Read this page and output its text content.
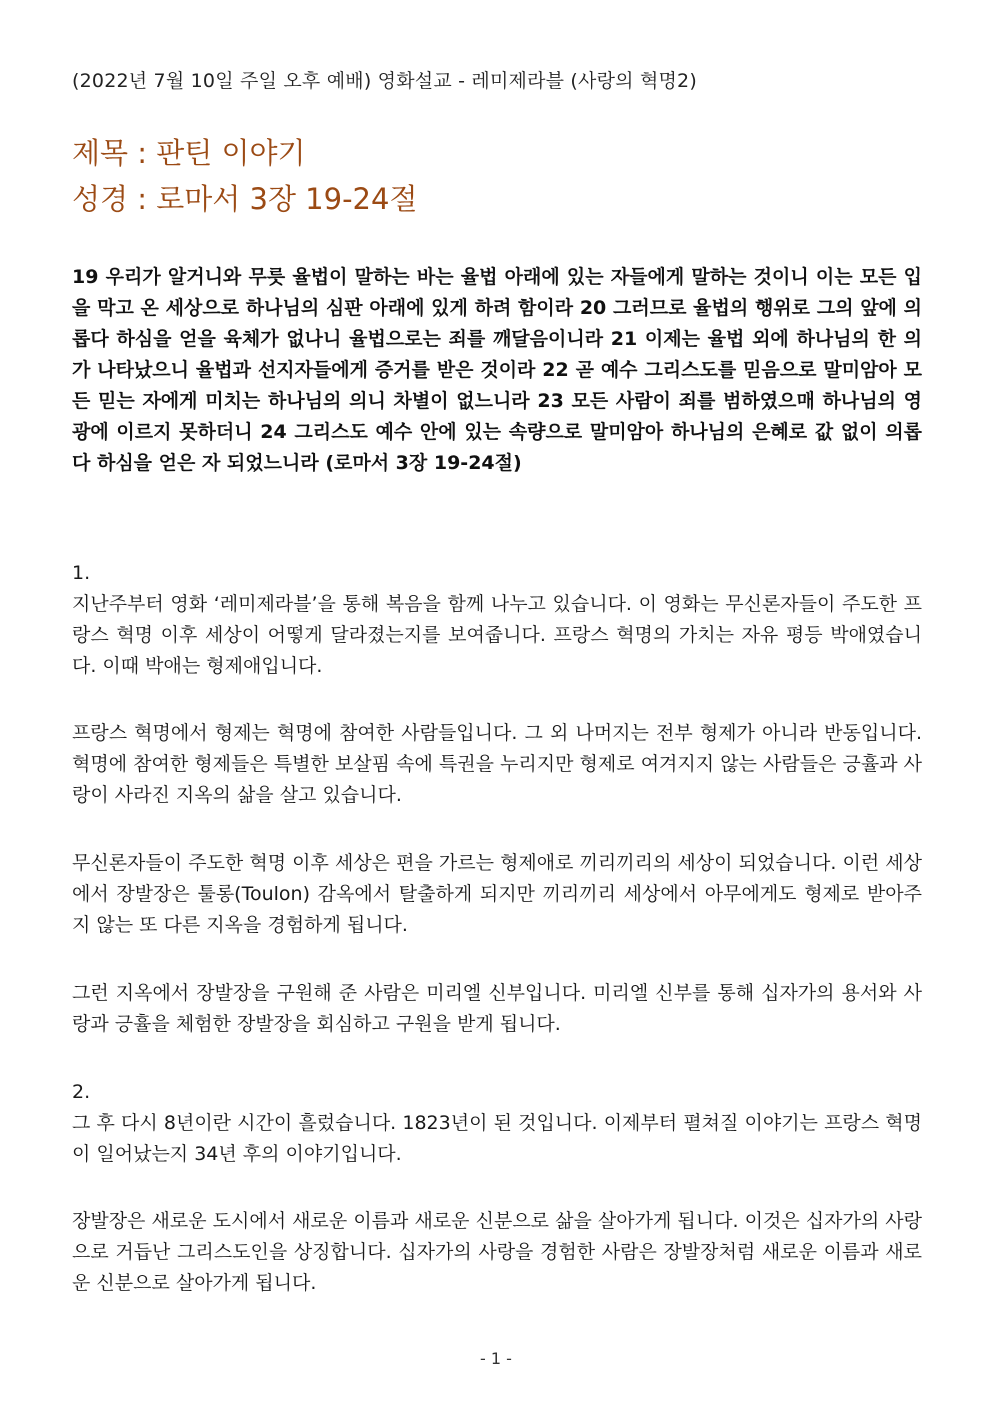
(2022년 7월 10일 주일 오후 예배) 영화설교 - 레미제라블 (사랑의 혁명2)
제목 : 판틴 이야기
성경 : 로마서 3장 19-24절
19 우리가 알거니와 무릇 율법이 말하는 바는 율법 아래에 있는 자들에게 말하는 것이니 이는 모든 입을 막고 온 세상으로 하나님의 심판 아래에 있게 하려 함이라 20 그러므로 율법의 행위로 그의 앞에 의롭다 하심을 얻을 육체가 없나니 율법으로는 죄를 깨달음이니라 21 이제는 율법 외에 하나님의 한 의가 나타났으니 율법과 선지자들에게 증거를 받은 것이라 22 곧 예수 그리스도를 믿음으로 말미암아 모든 믿는 자에게 미치는 하나님의 의니 차별이 없느니라 23 모든 사람이 죄를 범하였으매 하나님의 영광에 이르지 못하더니 24 그리스도 예수 안에 있는 속량으로 말미암아 하나님의 은혜로 값 없이 의롭다 하심을 얻은 자 되었느니라 (로마서 3장 19-24절)
1.
지난주부터 영화 ‘레미제라블’을 통해 복음을 함께 나누고 있습니다. 이 영화는 무신론자들이 주도한 프랑스 혁명 이후 세상이 어떻게 달라졌는지를 보여줍니다. 프랑스 혁명의 가치는 자유 평등 박애였습니다. 이때 박애는 형제애입니다.
프랑스 혁명에서 형제는 혁명에 참여한 사람들입니다. 그 외 나머지는 전부 형제가 아니라 반동입니다. 혁명에 참여한 형제들은 특별한 보살핌 속에 특권을 누리지만 형제로 여겨지지 않는 사람들은 긍휼과 사랑이 사라진 지옥의 삶을 살고 있습니다.
무신론자들이 주도한 혁명 이후 세상은 편을 가르는 형제애로 끼리끼리의 세상이 되었습니다. 이런 세상에서 장발장은 툴롱(Toulon) 감옥에서 탈출하게 되지만 끼리끼리 세상에서 아무에게도 형제로 받아주지 않는 또 다른 지옥을 경험하게 됩니다.
그런 지옥에서 장발장을 구원해 준 사람은 미리엘 신부입니다. 미리엘 신부를 통해 십자가의 용서와 사랑과 긍휼을 체험한 장발장을 회심하고 구원을 받게 됩니다.
2.
그 후 다시 8년이란 시간이 흘렀습니다. 1823년이 된 것입니다. 이제부터 펼쳐질 이야기는 프랑스 혁명이 일어났는지 34년 후의 이야기입니다.
장발장은 새로운 도시에서 새로운 이름과 새로운 신분으로 삶을 살아가게 됩니다. 이것은 십자가의 사랑으로 거듭난 그리스도인을 상징합니다. 십자가의 사랑을 경험한 사람은 장발장처럼 새로운 이름과 새로운 신분으로 살아가게 됩니다.
- 1 -
